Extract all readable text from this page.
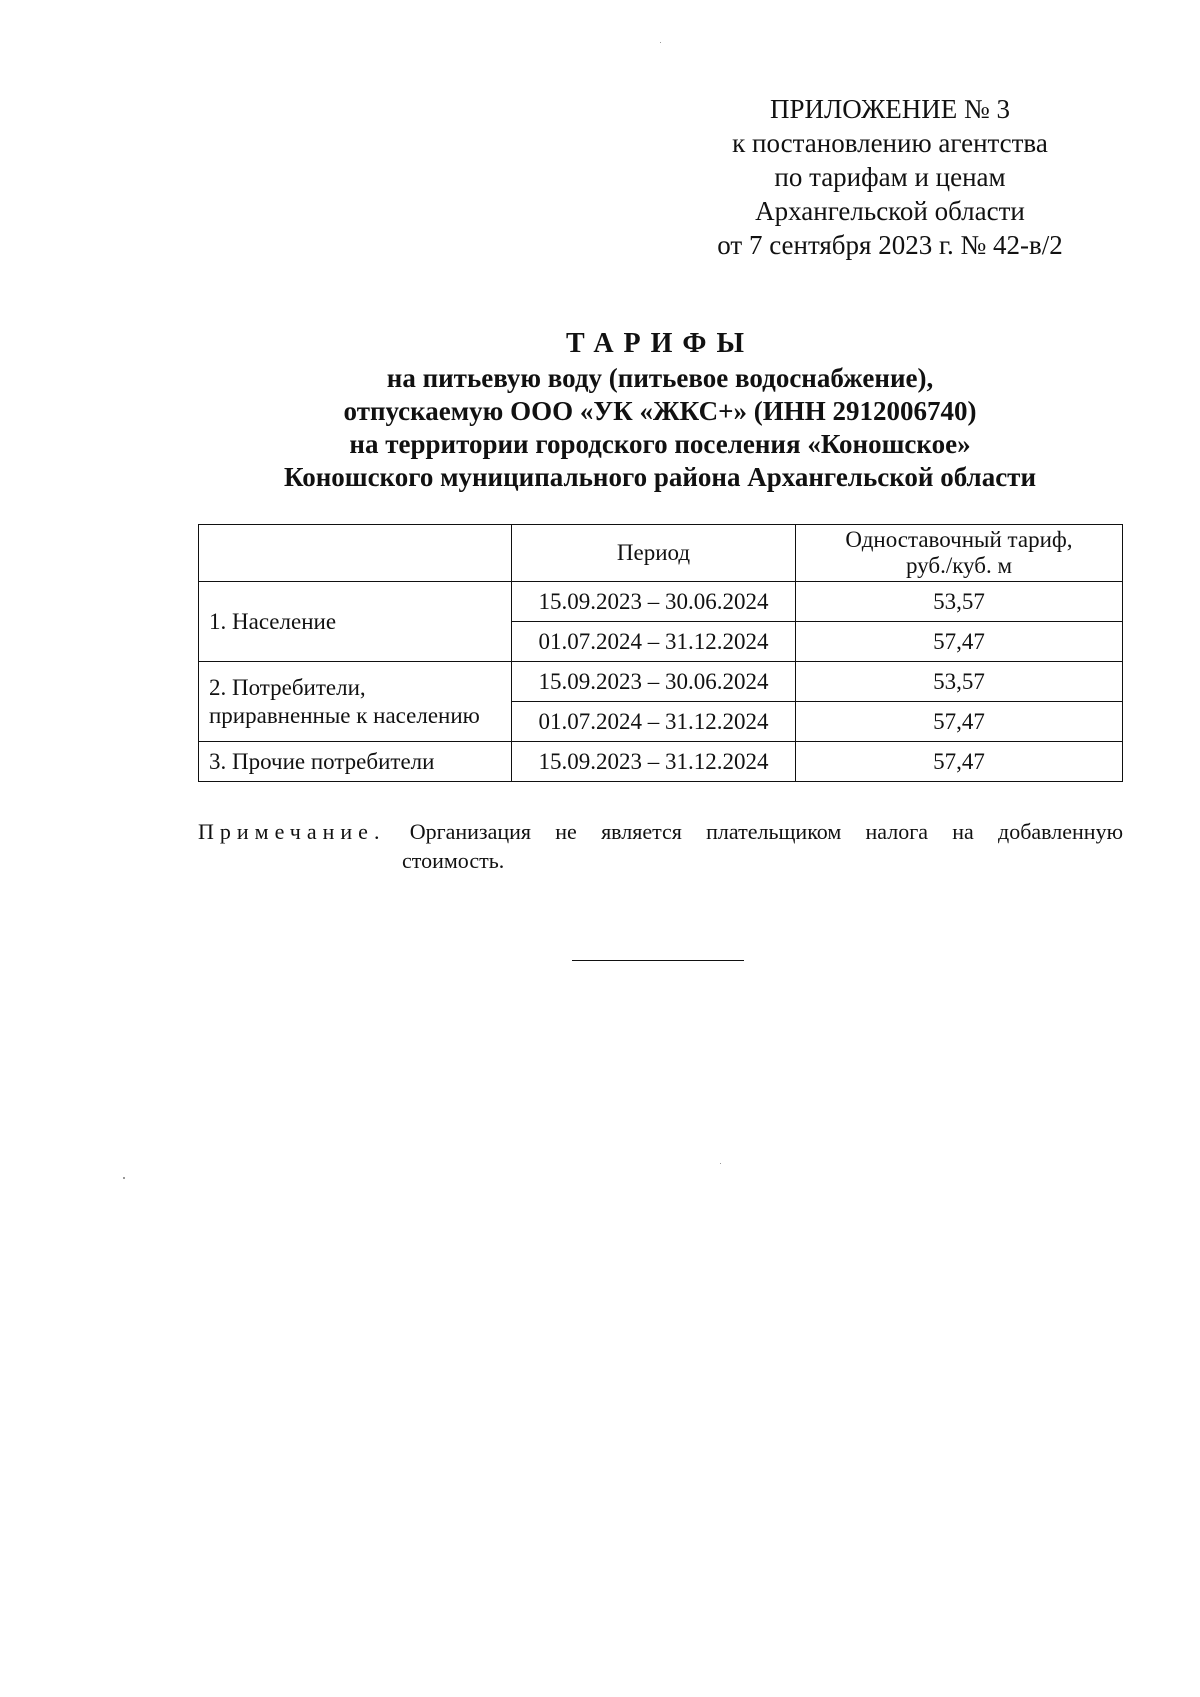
ПРИЛОЖЕНИЕ № 3
к постановлению агентства
по тарифам и ценам
Архангельской области
от 7 сентября 2023 г. № 42-в/2
ТАРИФЫ
на питьевую воду (питьевое водоснабжение),
отпускаемую ООО «УК «ЖКС+» (ИНН 2912006740)
на территории городского поселения «Коношское»
Коношского муниципального района Архангельской области
	Период	Одноставочный тариф,
руб./куб. м

1. Население	15.09.2023 – 30.06.2024	53,57
	01.07.2024 – 31.12.2024	57,47

2. Потребители,
приравненные к населению	15.09.2023 – 30.06.2024	53,57
	01.07.2024 – 31.12.2024	57,47

3. Прочие потребители	15.09.2023 – 31.12.2024	57,47
Примечание. Организация не является плательщиком налога на добавленную
стоимость.
